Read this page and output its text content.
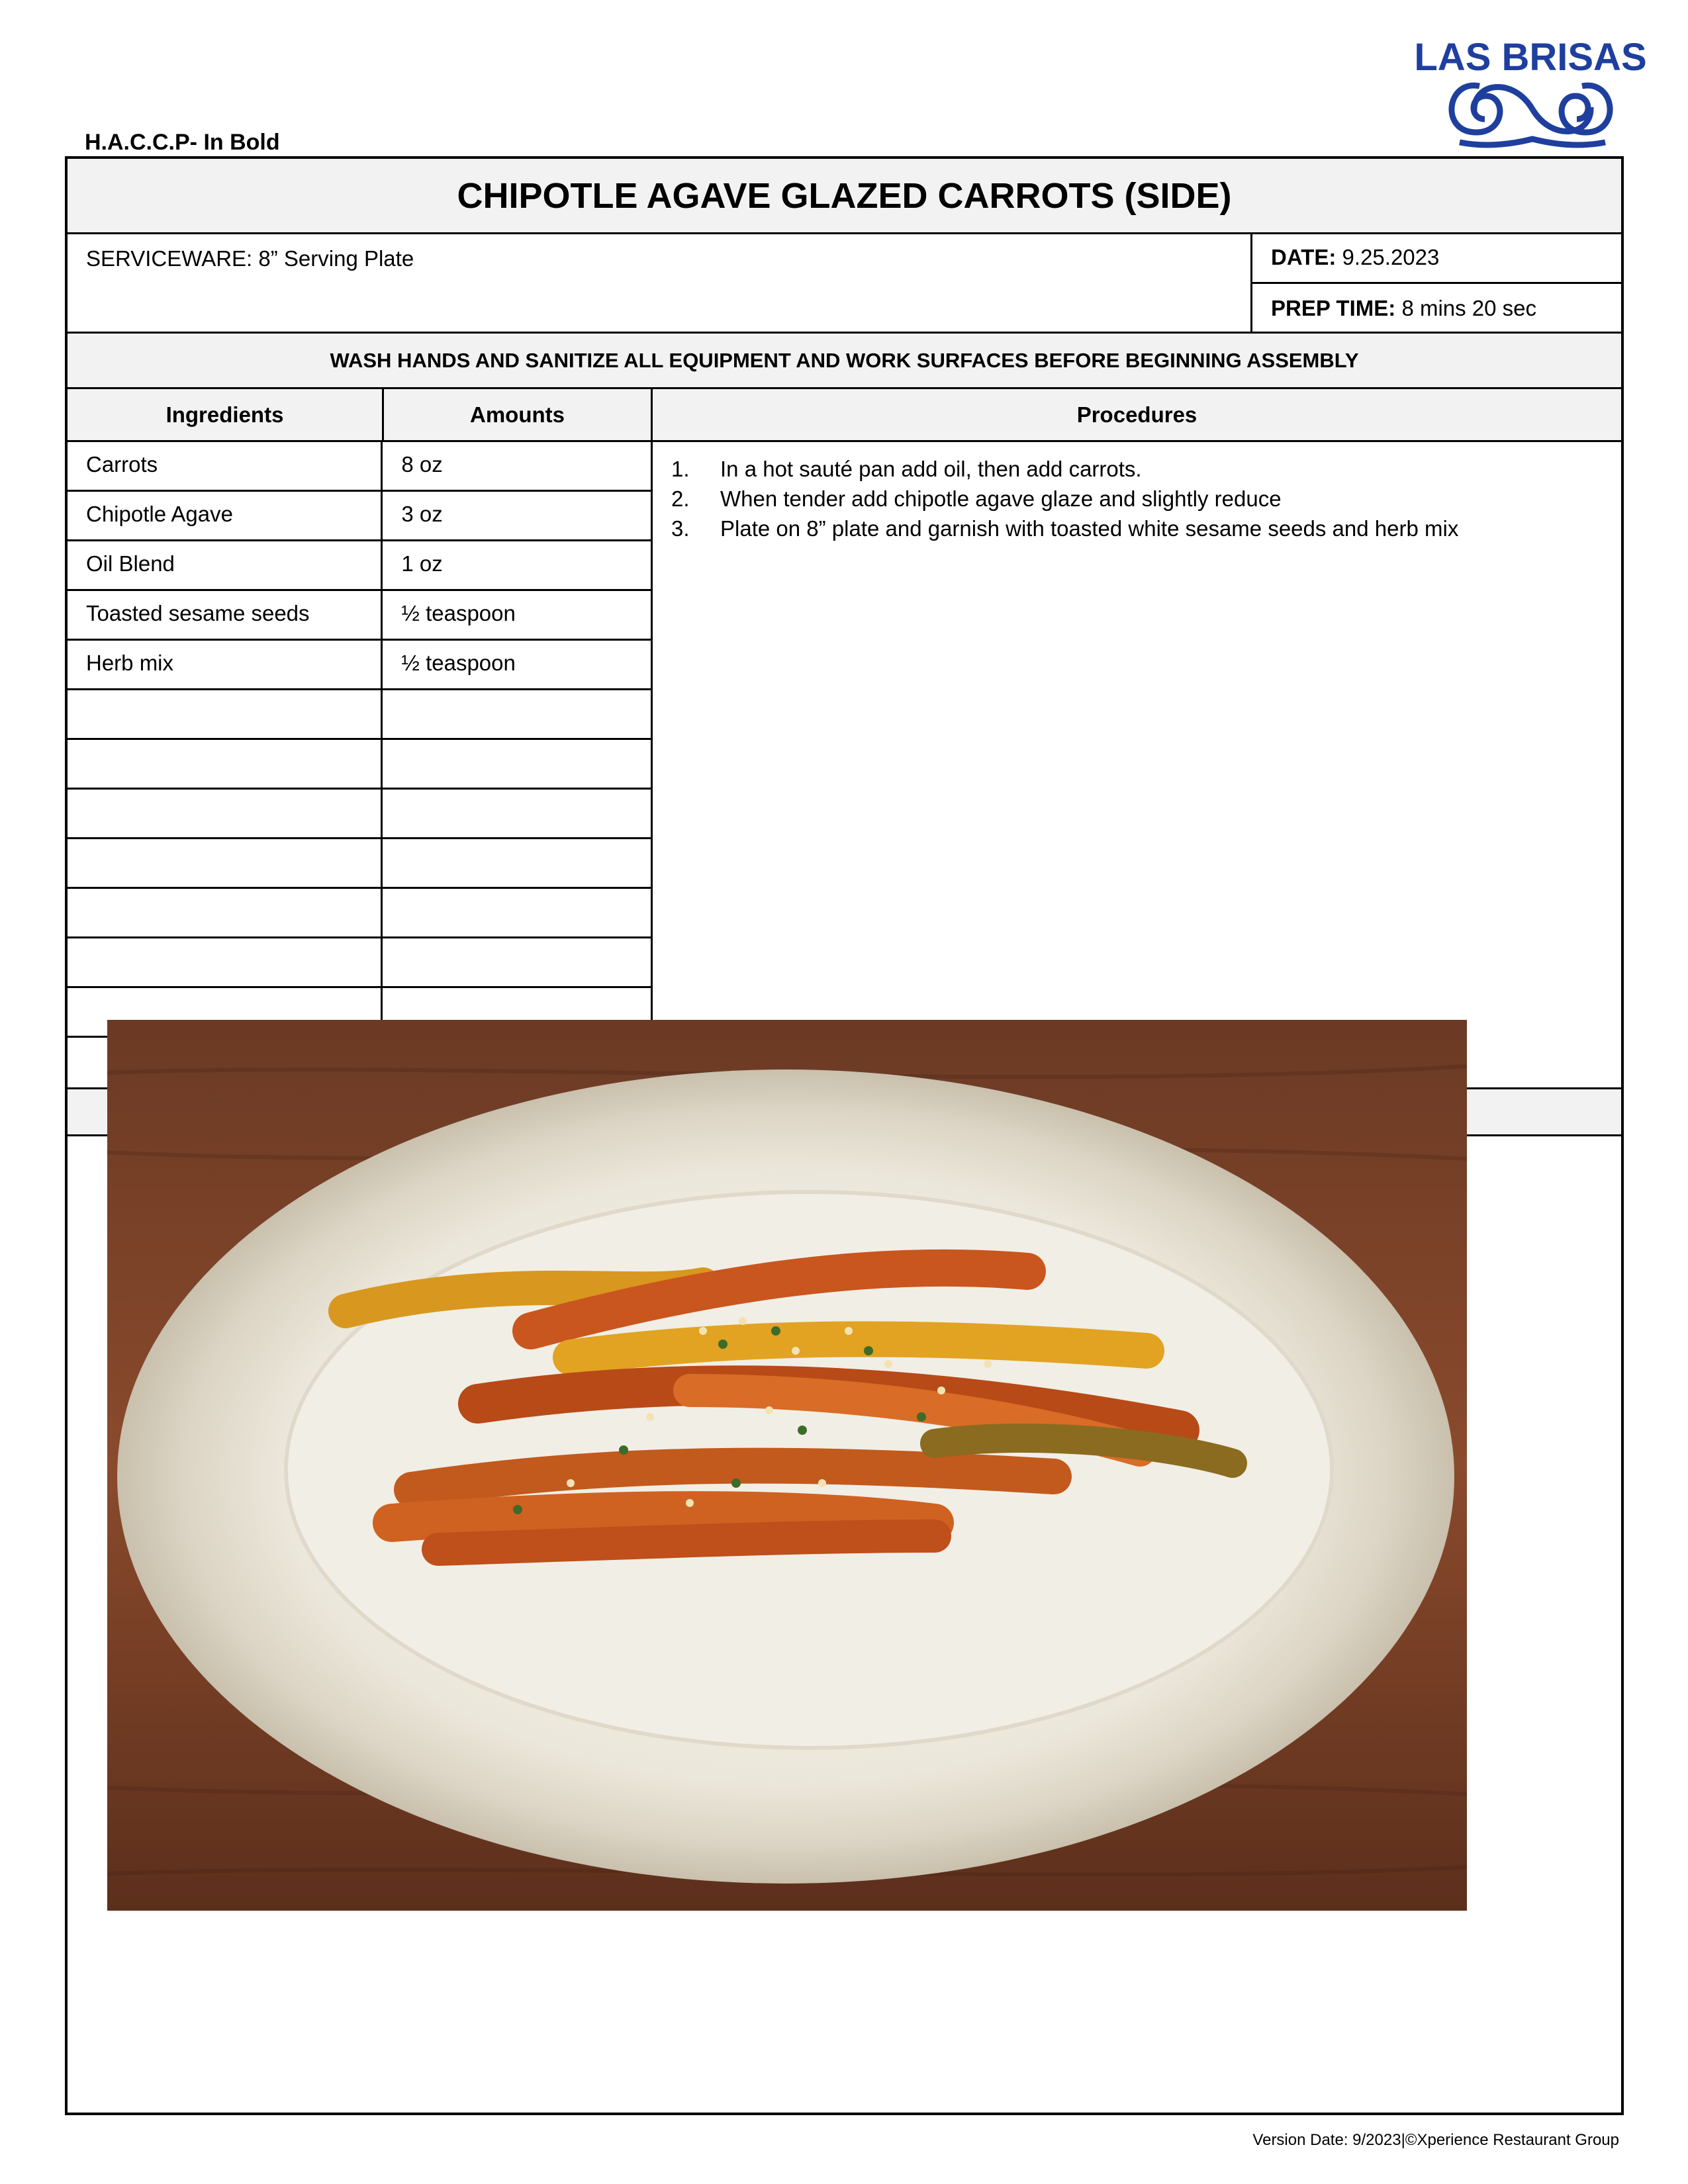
H.A.C.C.P- In Bold
LAS BRISAS
CHIPOTLE AGAVE GLAZED CARROTS (SIDE)
SERVICEWARE: 8” Serving Plate	DATE: 9.25.2023
PREP TIME: 8 mins 20 sec
WASH HANDS AND SANITIZE ALL EQUIPMENT AND WORK SURFACES BEFORE BEGINNING ASSEMBLY
Ingredients	Amounts	Procedures
Carrots	8 oz
Chipotle Agave	3 oz
Oil Blend	1 oz
Toasted sesame seeds	½ teaspoon
Herb mix	½ teaspoon
1.	In a hot sauté pan add oil, then add carrots.
2.	When tender add chipotle agave glaze and slightly reduce
3.	Plate on 8” plate and garnish with toasted white sesame seeds and herb mix
Version Date: 9/2023|©Xperience Restaurant Group
